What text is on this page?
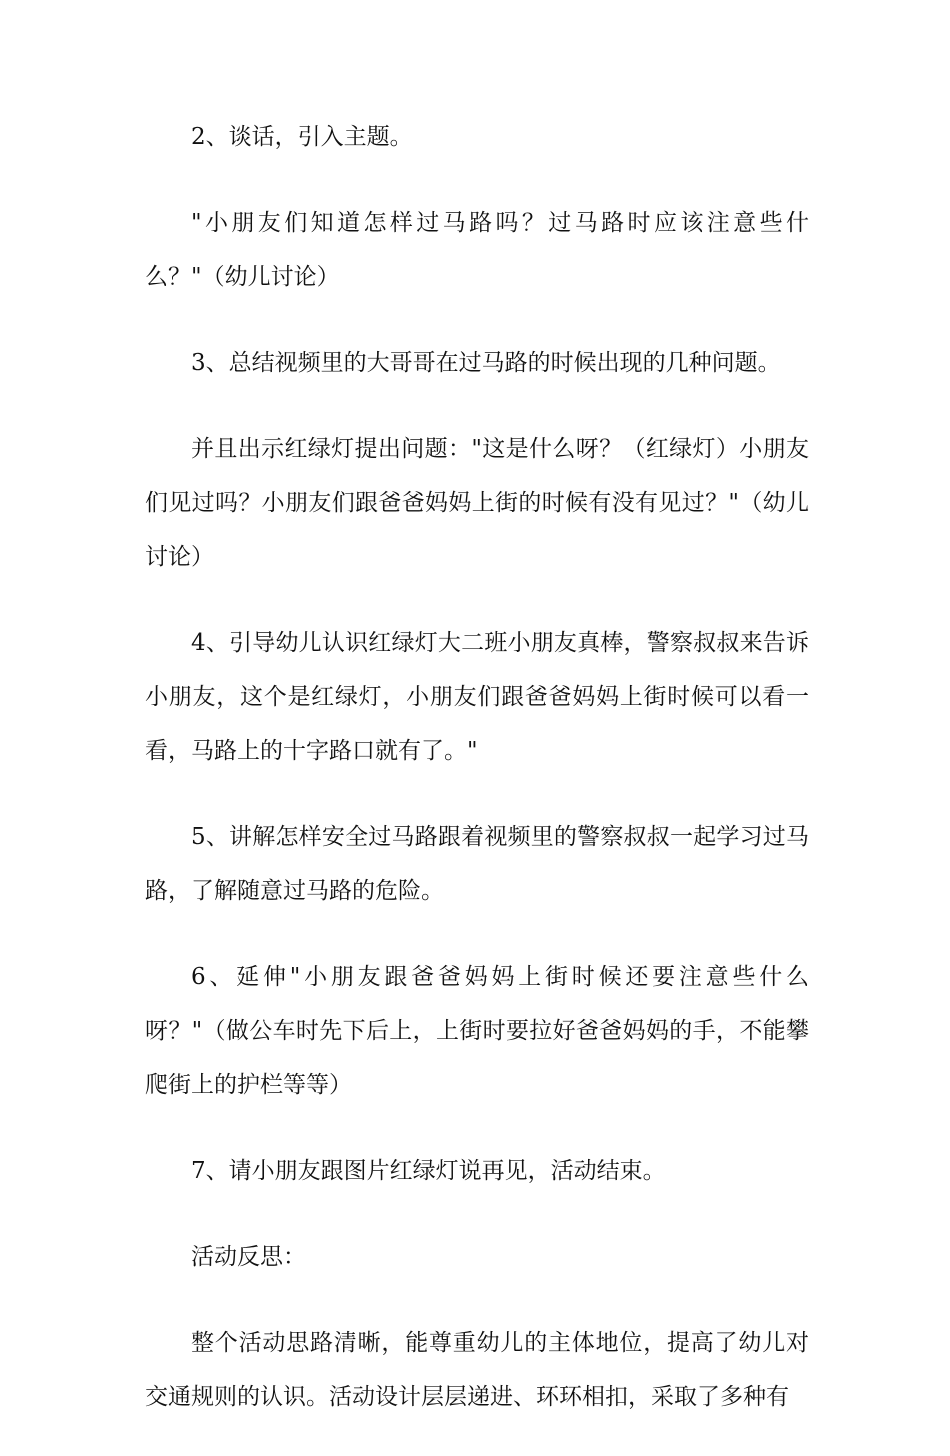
2、谈话，引入主题。

"小朋友们知道怎样过马路吗？过马路时应该注意些什么？"（幼儿讨论）

3、总结视频里的大哥哥在过马路的时候出现的几种问题。

并且出示红绿灯提出问题："这是什么呀？（红绿灯）小朋友们见过吗？小朋友们跟爸爸妈妈上街的时候有没有见过？"（幼儿讨论）

4、引导幼儿认识红绿灯大二班小朋友真棒，警察叔叔来告诉小朋友，这个是红绿灯，小朋友们跟爸爸妈妈上街时候可以看一看，马路上的十字路口就有了。"

5、讲解怎样安全过马路跟着视频里的警察叔叔一起学习过马路，了解随意过马路的危险。

6、延伸"小朋友跟爸爸妈妈上街时候还要注意些什么呀？"（做公车时先下后上，上街时要拉好爸爸妈妈的手，不能攀爬街上的护栏等等）

7、请小朋友跟图片红绿灯说再见，活动结束。

活动反思：

整个活动思路清晰，能尊重幼儿的主体地位，提高了幼儿对交通规则的认识。活动设计层层递进、环环相扣，采取了多种有
